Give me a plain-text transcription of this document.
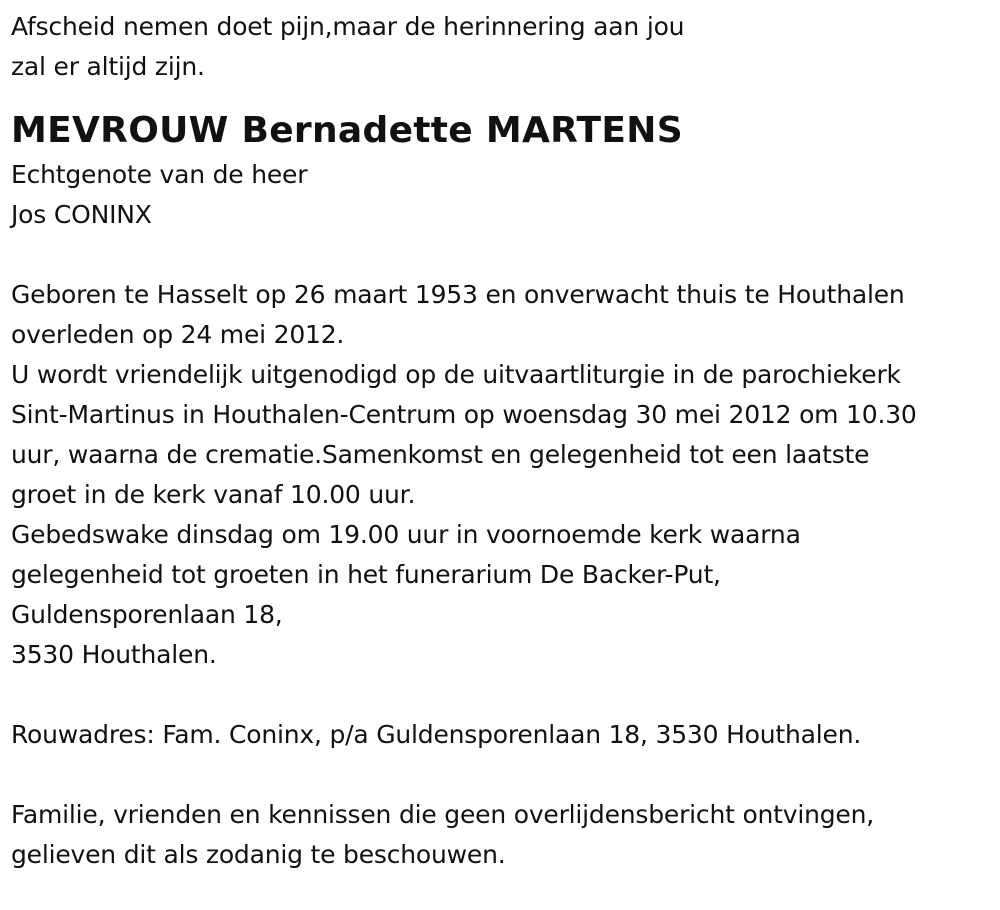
Afscheid nemen doet pijn,maar de herinnering aan jou
zal er altijd zijn.
MEVROUW Bernadette MARTENS
Echtgenote van de heer
Jos CONINX
Geboren te Hasselt op 26 maart 1953 en onverwacht thuis te Houthalen
overleden op 24 mei 2012.
U wordt vriendelijk uitgenodigd op de uitvaartliturgie in de parochiekerk
Sint-Martinus in Houthalen-Centrum op woensdag 30 mei 2012 om 10.30
uur, waarna de crematie.Samenkomst en gelegenheid tot een laatste
groet in de kerk vanaf 10.00 uur.
Gebedswake dinsdag om 19.00 uur in voornoemde kerk waarna
gelegenheid tot groeten in het funerarium De Backer-Put,
Guldensporenlaan 18,
3530 Houthalen.
Rouwadres: Fam. Coninx, p/a Guldensporenlaan 18, 3530 Houthalen.
Familie, vrienden en kennissen die geen overlijdensbericht ontvingen,
gelieven dit als zodanig te beschouwen.
